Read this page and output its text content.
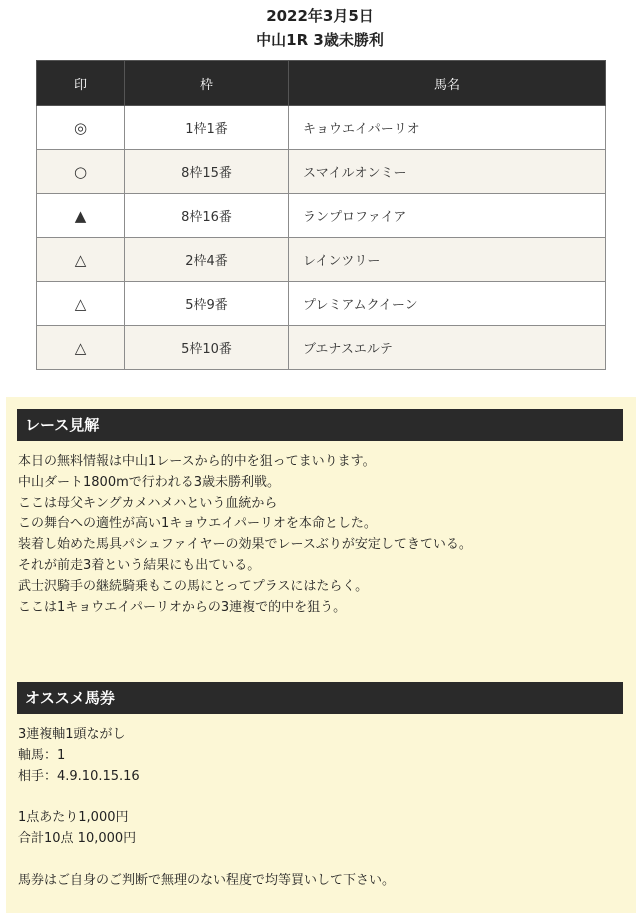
2022年3月5日
中山1R 3歳未勝利
印	枠	馬名
◎	1枠1番	キョウエイパーリオ
○	8枠15番	スマイルオンミー
▲	8枠16番	ランプロファイア
△	2枠4番	レインツリー
△	5枠9番	プレミアムクイーン
△	5枠10番	ブエナスエルテ
レース見解
本日の無料情報は中山1レースから的中を狙ってまいります。
中山ダート1800mで行われる3歳未勝利戦。
ここは母父キングカメハメハという血統から
この舞台への適性が高い1キョウエイパーリオを本命とした。
装着し始めた馬具パシュファイヤーの効果でレースぶりが安定してきている。
それが前走3着という結果にも出ている。
武士沢騎手の継続騎乗もこの馬にとってプラスにはたらく。
ここは1キョウエイパーリオからの3連複で的中を狙う。
オススメ馬券
3連複軸1頭ながし
軸馬：1
相手：4.9.10.15.16
1点あたり1,000円
合計10点 10,000円
馬券はご自身のご判断で無理のない程度で均等買いして下さい。
